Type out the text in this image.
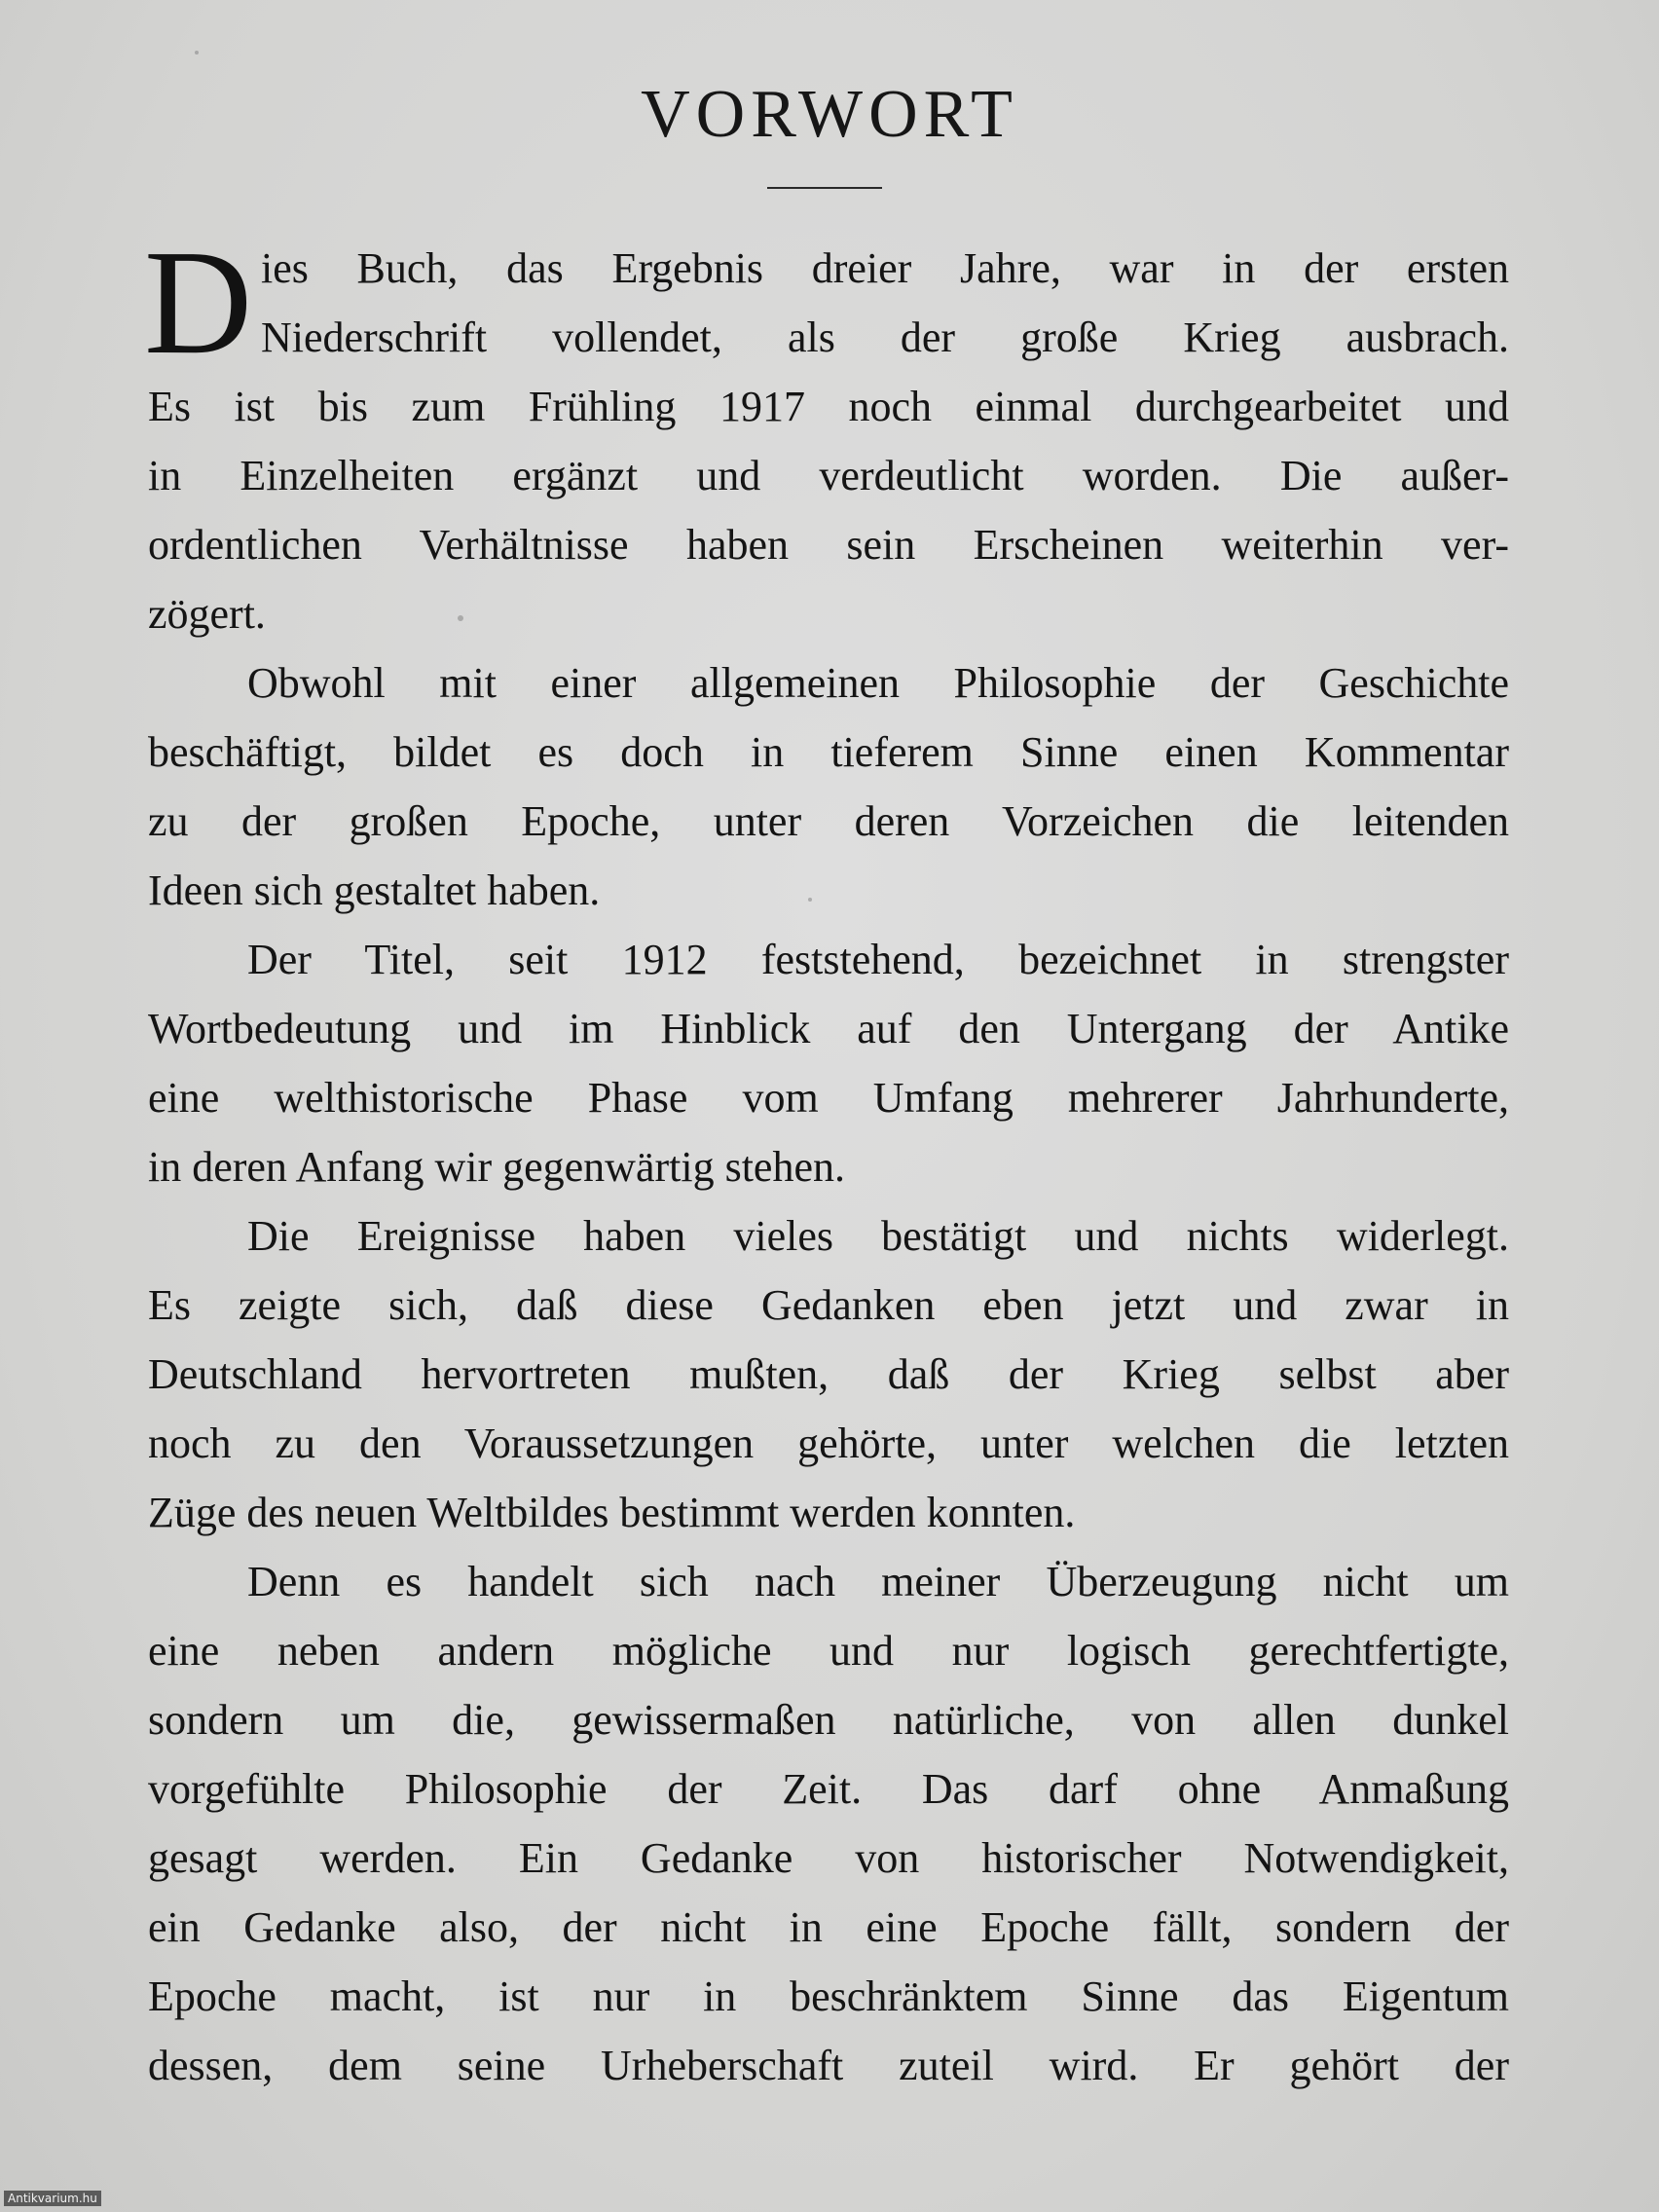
VORWORT
D ies Buch, das Ergebnis dreier Jahre, war in der ersten
Niederschrift vollendet, als der große Krieg ausbrach.
Es ist bis zum Frühling 1917 noch einmal durchgearbeitet und
in Einzelheiten ergänzt und verdeutlicht worden. Die außer-
ordentlichen Verhältnisse haben sein Erscheinen weiterhin ver-
zögert.
Obwohl mit einer allgemeinen Philosophie der Geschichte
beschäftigt, bildet es doch in tieferem Sinne einen Kommentar
zu der großen Epoche, unter deren Vorzeichen die leitenden
Ideen sich gestaltet haben.
Der Titel, seit 1912 feststehend, bezeichnet in strengster
Wortbedeutung und im Hinblick auf den Untergang der Antike
eine welthistorische Phase vom Umfang mehrerer Jahrhunderte,
in deren Anfang wir gegenwärtig stehen.
Die Ereignisse haben vieles bestätigt und nichts widerlegt.
Es zeigte sich, daß diese Gedanken eben jetzt und zwar in
Deutschland hervortreten mußten, daß der Krieg selbst aber
noch zu den Voraussetzungen gehörte, unter welchen die letzten
Züge des neuen Weltbildes bestimmt werden konnten.
Denn es handelt sich nach meiner Überzeugung nicht um
eine neben andern mögliche und nur logisch gerechtfertigte,
sondern um die, gewissermaßen natürliche, von allen dunkel
vorgefühlte Philosophie der Zeit. Das darf ohne Anmaßung
gesagt werden. Ein Gedanke von historischer Notwendigkeit,
ein Gedanke also, der nicht in eine Epoche fällt, sondern der
Epoche macht, ist nur in beschränktem Sinne das Eigentum
dessen, dem seine Urheberschaft zuteil wird. Er gehört der
Antikvarium.hu
